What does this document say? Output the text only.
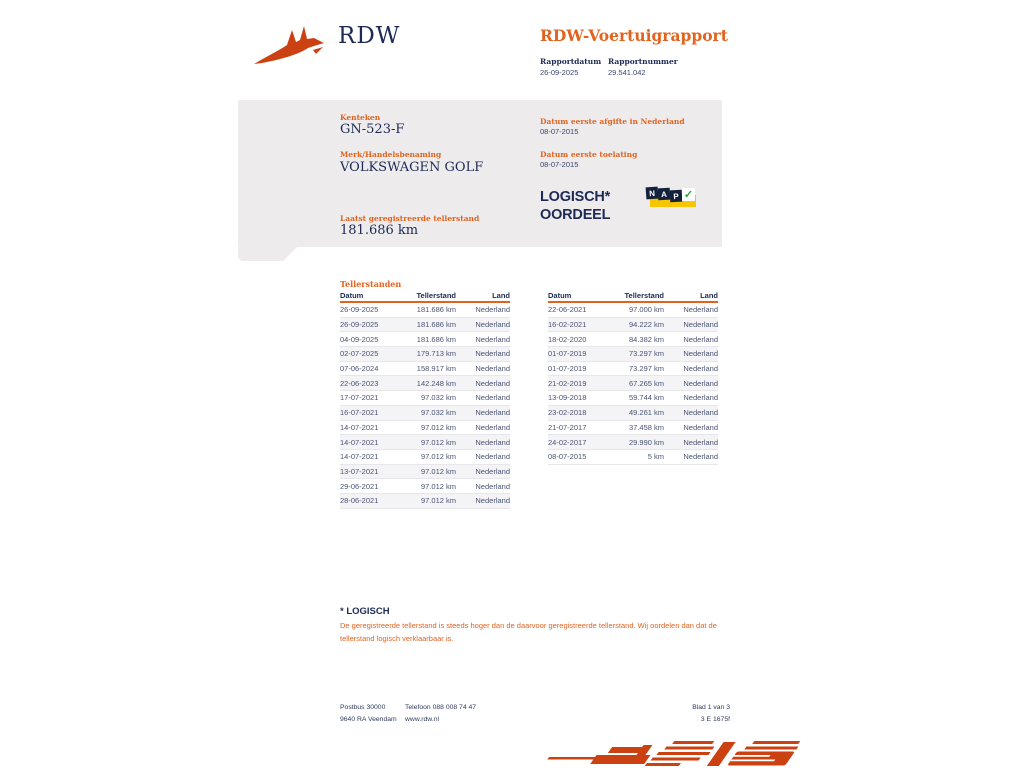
RDW	RDW-Voertuigrapport
Rapportdatum Rapportnummer
26-09-2025	29.541.042
Kenteken
GN-523-F
Merk/Handelsbenaming
VOLKSWAGEN GOLF
Laatst geregistreerde tellerstand
181.686 km
Datum eerste afgifte in Nederland
08-07-2015
Datum eerste toelating
08-07-2015
LOGISCH*
OORDEEL
N A P ✓
Tellerstanden
Datum	Tellerstand	Land
26-09-2025	181.686 km	Nederland
26-09-2025	181.686 km	Nederland
04-09-2025	181.686 km	Nederland
02-07-2025	179.713 km	Nederland
07-06-2024	158.917 km	Nederland
22-06-2023	142.248 km	Nederland
17-07-2021	97.032 km	Nederland
16-07-2021	97.032 km	Nederland
14-07-2021	97.012 km	Nederland
14-07-2021	97.012 km	Nederland
14-07-2021	97.012 km	Nederland
13-07-2021	97.012 km	Nederland
29-06-2021	97.012 km	Nederland
28-06-2021	97.012 km	Nederland
Datum	Tellerstand	Land
22-06-2021	97.000 km	Nederland
16-02-2021	94.222 km	Nederland
18-02-2020	84.382 km	Nederland
01-07-2019	73.297 km	Nederland
01-07-2019	73.297 km	Nederland
21-02-2019	67.265 km	Nederland
13-09-2018	59.744 km	Nederland
23-02-2018	49.261 km	Nederland
21-07-2017	37.458 km	Nederland
24-02-2017	29.990 km	Nederland
08-07-2015	5 km	Nederland
* LOGISCH
De geregistreerde tellerstand is steeds hoger dan de daarvoor geregistreerde tellerstand. Wij oordelen dan dat de tellerstand logisch verklaarbaar is.
Postbus 30000
9640 RA Veendam
Telefoon 088 008 74 47
www.rdw.nl
Blad 1 van 3
3 E 1675f
